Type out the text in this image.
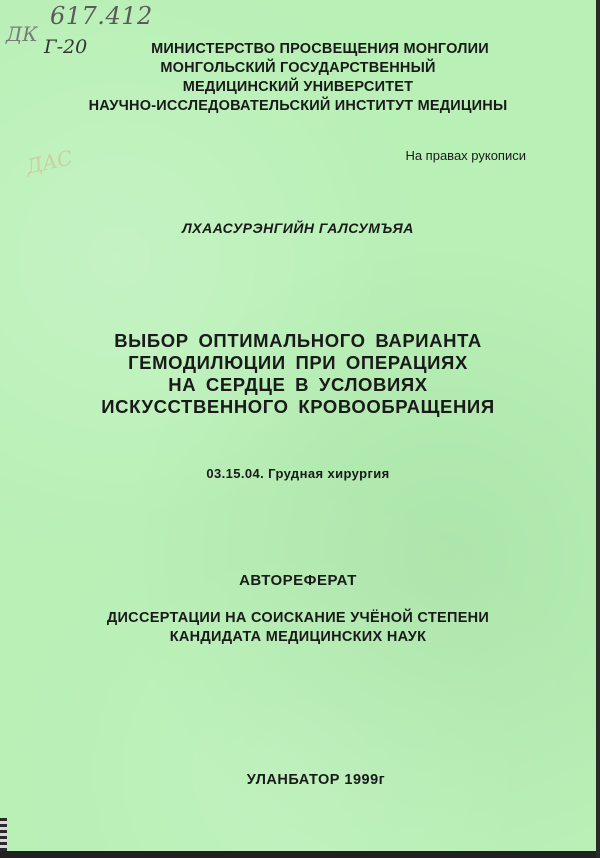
617.412
ДК
Г-20
ДАС
МИНИСТЕРСТВО ПРОСВЕЩЕНИЯ МОНГОЛИИ
МОНГОЛЬСКИЙ ГОСУДАРСТВЕННЫЙ
МЕДИЦИНСКИЙ УНИВЕРСИТЕТ
НАУЧНО-ИССЛЕДОВАТЕЛЬСКИЙ ИНСТИТУТ МЕДИЦИНЫ
На правах рукописи
ЛХААСУРЭНГИЙН ГАЛСУМЪЯА
ВЫБОР ОПТИМАЛЬНОГО ВАРИАНТА
ГЕМОДИЛЮЦИИ ПРИ ОПЕРАЦИЯХ
НА СЕРДЦЕ В УСЛОВИЯХ
ИСКУССТВЕННОГО КРОВООБРАЩЕНИЯ
03.15.04. Грудная хирургия
АВТОРЕФЕРАТ
ДИССЕРТАЦИИ НА СОИСКАНИЕ УЧЁНОЙ СТЕПЕНИ
КАНДИДАТА МЕДИЦИНСКИХ НАУК
УЛАНБАТОР 1999г
